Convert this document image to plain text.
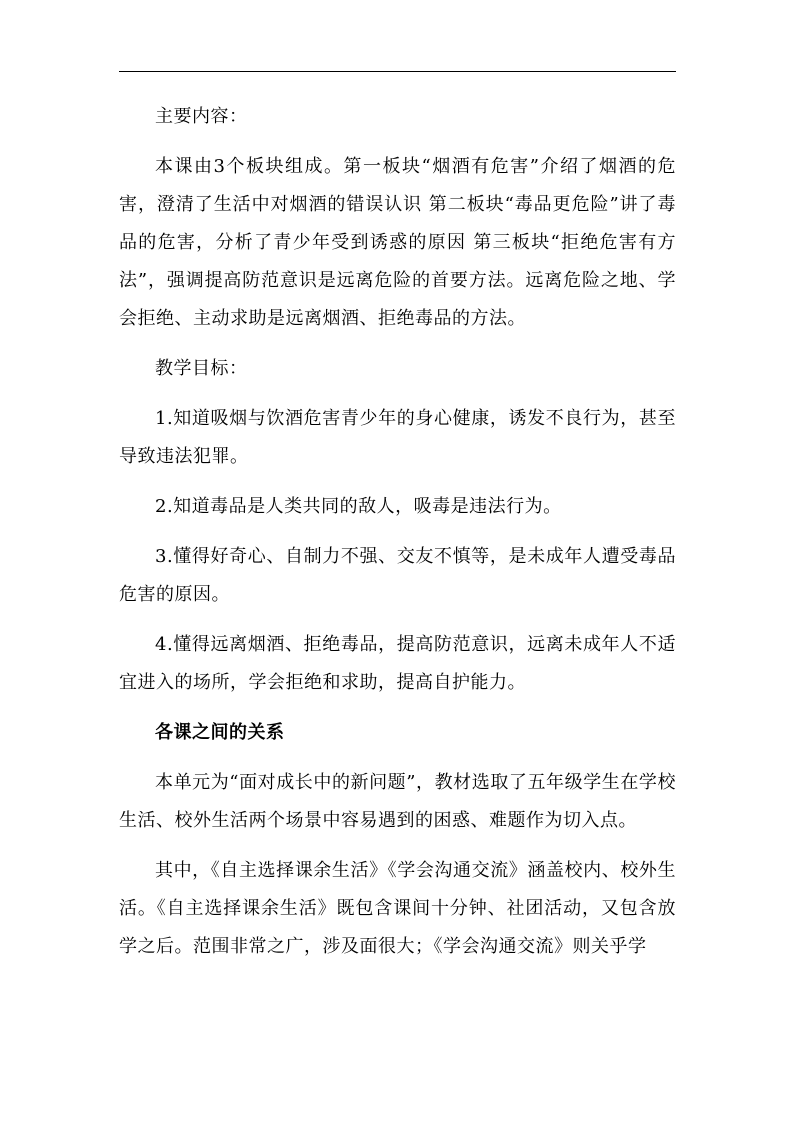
主要内容：

本课由3个板块组成。第一板块“烟酒有危害”介绍了烟酒的危害，澄清了生活中对烟酒的错误认识 第二板块“毒品更危险”讲了毒品的危害，分析了青少年受到诱惑的原因 第三板块“拒绝危害有方法”，强调提高防范意识是远离危险的首要方法。远离危险之地、学会拒绝、主动求助是远离烟酒、拒绝毒品的方法。

教学目标：

1.知道吸烟与饮酒危害青少年的身心健康，诱发不良行为，甚至导致违法犯罪。

2.知道毒品是人类共同的敌人，吸毒是违法行为。

3.懂得好奇心、自制力不强、交友不慎等，是未成年人遭受毒品危害的原因。

4.懂得远离烟酒、拒绝毒品，提高防范意识，远离未成年人不适宜进入的场所，学会拒绝和求助，提高自护能力。

各课之间的关系

本单元为“面对成长中的新问题”，教材选取了五年级学生在学校生活、校外生活两个场景中容易遇到的困惑、难题作为切入点。

其中，《自主选择课余生活》《学会沟通交流》涵盖校内、校外生活。《自主选择课余生活》既包含课间十分钟、社团活动，又包含放学之后。范围非常之广，涉及面很大；《学会沟通交流》则关乎学
